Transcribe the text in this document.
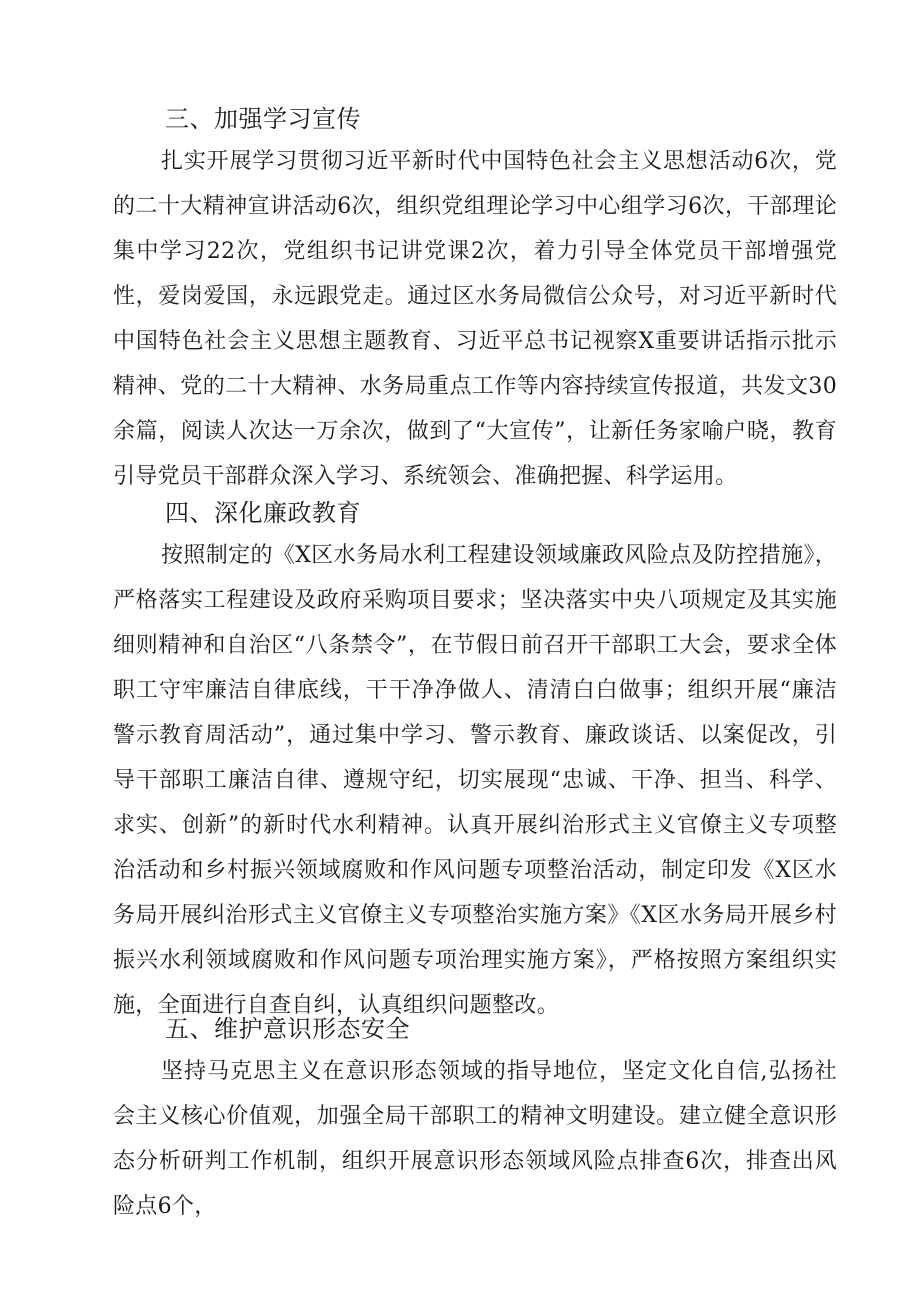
三、加强学习宣传

扎实开展学习贯彻习近平新时代中国特色社会主义思想活动6次，党的二十大精神宣讲活动6次，组织党组理论学习中心组学习6次，干部理论集中学习22次，党组织书记讲党课2次，着力引导全体党员干部增强党性，爱岗爱国，永远跟党走。通过区水务局微信公众号，对习近平新时代中国特色社会主义思想主题教育、习近平总书记视察X重要讲话指示批示精神、党的二十大精神、水务局重点工作等内容持续宣传报道，共发文30余篇，阅读人次达一万余次，做到了“大宣传”，让新任务家喻户晓，教育引导党员干部群众深入学习、系统领会、准确把握、科学运用。

四、深化廉政教育

按照制定的《X区水务局水利工程建设领域廉政风险点及防控措施》，严格落实工程建设及政府采购项目要求；坚决落实中央八项规定及其实施细则精神和自治区“八条禁令”，在节假日前召开干部职工大会，要求全体职工守牢廉洁自律底线，干干净净做人、清清白白做事；组织开展“廉洁警示教育周活动”，通过集中学习、警示教育、廉政谈话、以案促改，引导干部职工廉洁自律、遵规守纪，切实展现“忠诚、干净、担当、科学、求实、创新”的新时代水利精神。认真开展纠治形式主义官僚主义专项整治活动和乡村振兴领域腐败和作风问题专项整治活动，制定印发《X区水务局开展纠治形式主义官僚主义专项整治实施方案》《X区水务局开展乡村振兴水利领域腐败和作风问题专项治理实施方案》，严格按照方案组织实施，全面进行自查自纠，认真组织问题整改。

五、维护意识形态安全

坚持马克思主义在意识形态领域的指导地位，坚定文化自信,弘扬社会主义核心价值观，加强全局干部职工的精神文明建设。建立健全意识形态分析研判工作机制，组织开展意识形态领域风险点排查6次，排查出风险点6个，
